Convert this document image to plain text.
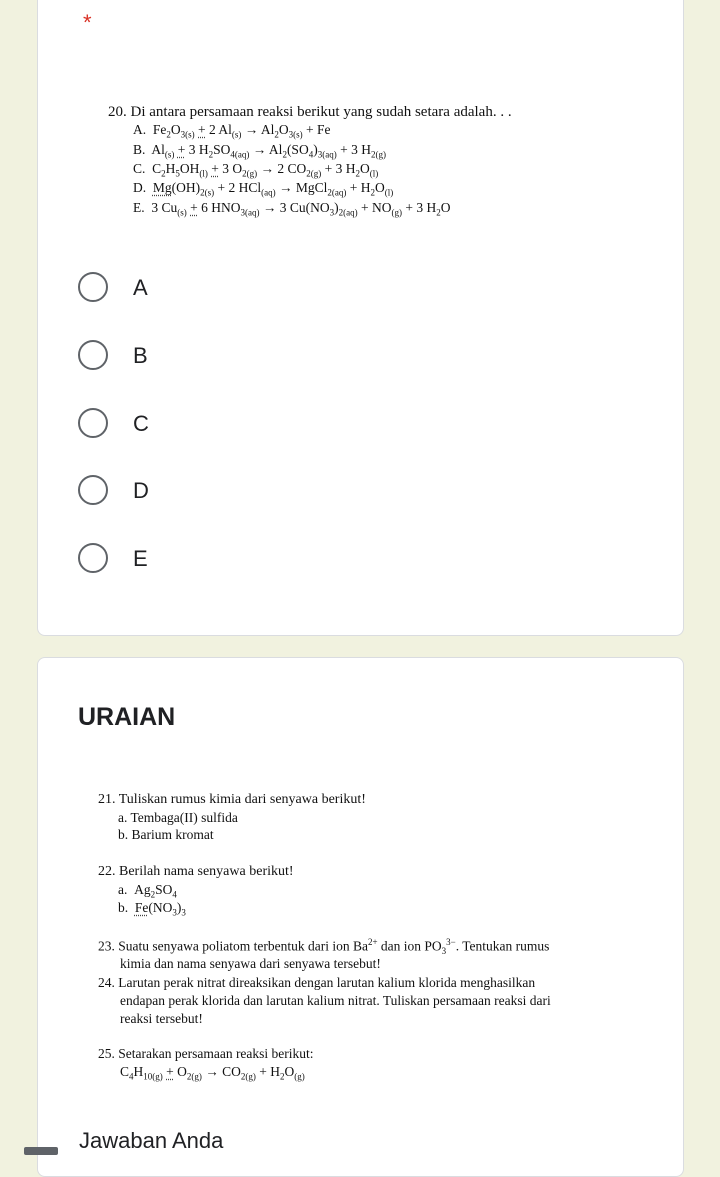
*
20. Di antara persamaan reaksi berikut yang sudah setara adalah. . .
A.  $Fe_2O_{3(s)} + 2$ $Al_{(s)} \to Al_2O_{3(s)} + Fe$
B.  $Al_{(s)} + 3$ $H_2SO_{4(aq)} \to Al_2(SO_4)_{3(aq)} + 3$ $H_{2(g)}$
C.  $C_2H_5OH_{(l)} + 3$ $O_{2(g)} \to 2$ $CO_{2(g)} + 3$ $H_2O_{(l)}$
D. $Mg(OH)_{2(s)} + 2$ HCl$_{(aq)}$ → MgCl$_{2(aq)}$ + $H_2O_{(l)}$
E.  3 $Cu_{(s)} + 6$ $HNO_{3(aq)} \to 3$ $Cu(NO_3)_{2(aq)} + NO_{(g)} + 3$ $H_2O$
A
B
C
D
E
URAIAN
21. Tuliskan rumus kimia dari senyawa berikut!
a. Tembaga(II) sulfida
b. Barium kromat
22. Berilah nama senyawa berikut!
a.  $Ag_2SO_4$
b. $Fe(NO_3)_3$
23. Suatu senyawa poliatom terbentuk dari ion $Ba^{2+}$ dan ion $PO_3^{3-}$. Tentukan rumus
kimia dan nama senyawa dari senyawa tersebut!
24. Larutan perak nitrat direaksikan dengan larutan kalium klorida menghasilkan
endapan perak klorida dan larutan kalium nitrat. Tuliskan persamaan reaksi dari
reaksi tersebut!
25. Setarakan persamaan reaksi berikut:
$C_4H_{10(g)} + O_{2(g)} \to CO_{2(g)} + H_2O_{(g)}$
Jawaban Anda
